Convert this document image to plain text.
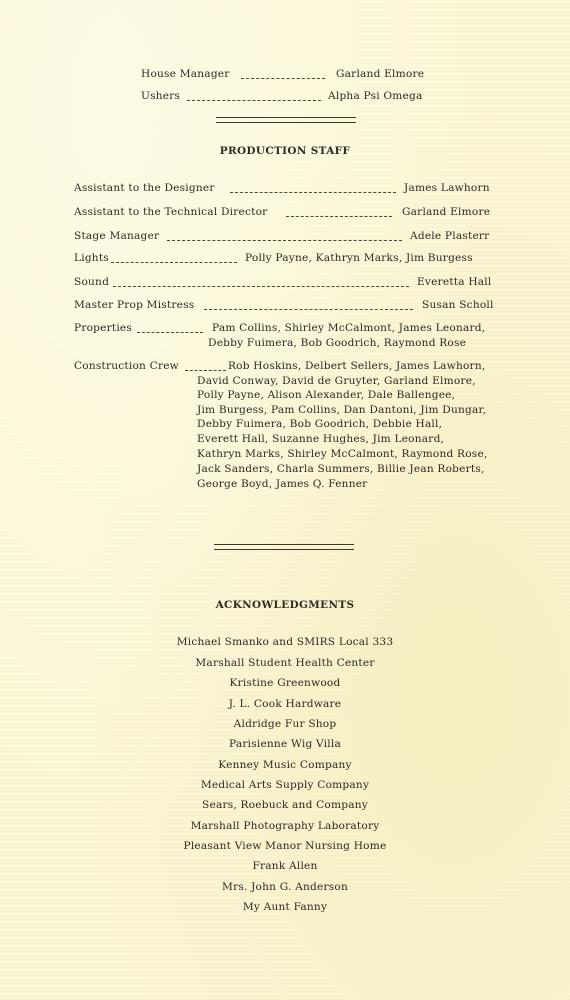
House Manager	Garland Elmore
Ushers	Alpha Psi Omega
PRODUCTION STAFF
Assistant to the Designer	James Lawhorn
Assistant to the Technical Director	Garland Elmore
Stage Manager	Adele Plasterr
Lights	Polly Payne, Kathryn Marks, Jim Burgess
Sound	Everetta Hall
Master Prop Mistress	Susan Scholl
Properties	Pam Collins, Shirley McCalmont, James Leonard,
Debby Fuimera, Bob Goodrich, Raymond Rose
Construction Crew	Rob Hoskins, Delbert Sellers, James Lawhorn,
David Conway, David de Gruyter, Garland Elmore,
Polly Payne, Alison Alexander, Dale Ballengee,
Jim Burgess, Pam Collins, Dan Dantoni, Jim Dungar,
Debby Fuimera, Bob Goodrich, Debbie Hall,
Everett Hall, Suzanne Hughes, Jim Leonard,
Kathryn Marks, Shirley McCalmont, Raymond Rose,
Jack Sanders, Charla Summers, Billie Jean Roberts,
George Boyd, James Q. Fenner
ACKNOWLEDGMENTS
Michael Smanko and SMIRS Local 333
Marshall Student Health Center
Kristine Greenwood
J. L. Cook Hardware
Aldridge Fur Shop
Parisienne Wig Villa
Kenney Music Company
Medical Arts Supply Company
Sears, Roebuck and Company
Marshall Photography Laboratory
Pleasant View Manor Nursing Home
Frank Allen
Mrs. John G. Anderson
My Aunt Fanny
